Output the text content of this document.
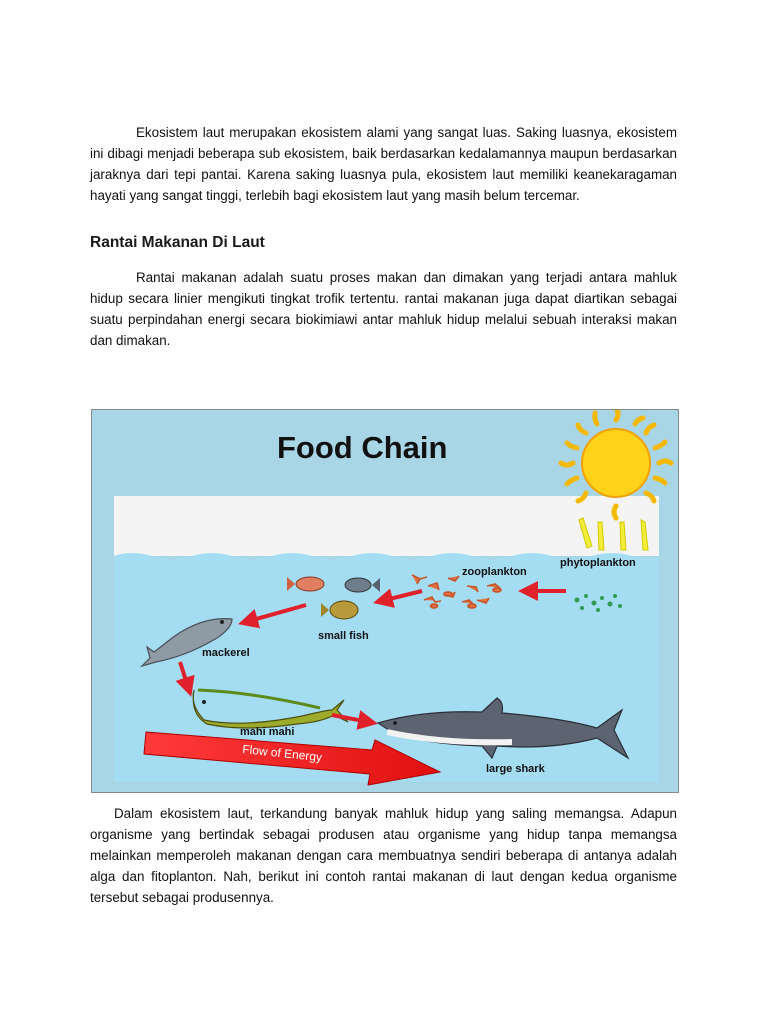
Ekosistem laut merupakan ekosistem alami yang sangat luas. Saking luasnya, ekosistem ini dibagi menjadi beberapa sub ekosistem, baik berdasarkan kedalamannya maupun berdasarkan jaraknya dari tepi pantai. Karena saking luasnya pula, ekosistem laut memiliki keanekaragaman hayati yang sangat tinggi, terlebih bagi ekosistem laut yang masih belum tercemar.

Rantai Makanan Di Laut

Rantai makanan adalah suatu proses makan dan dimakan yang terjadi antara mahluk hidup secara linier mengikuti tingkat trofik tertentu. rantai makanan juga dapat diartikan sebagai suatu perpindahan energi secara biokimiawi antar mahluk hidup melalui sebuah interaksi makan dan dimakan.

Food Chain
phytoplankton
zooplankton
small fish
mackerel
mahi mahi
large shark
Flow of Energy

Dalam ekosistem laut, terkandung banyak mahluk hidup yang saling memangsa. Adapun organisme yang bertindak sebagai produsen atau organisme yang hidup tanpa memangsa melainkan memperoleh makanan dengan cara membuatnya sendiri beberapa di antanya adalah alga dan fitoplanton. Nah, berikut ini contoh rantai makanan di laut dengan kedua organisme tersebut sebagai produsennya.
